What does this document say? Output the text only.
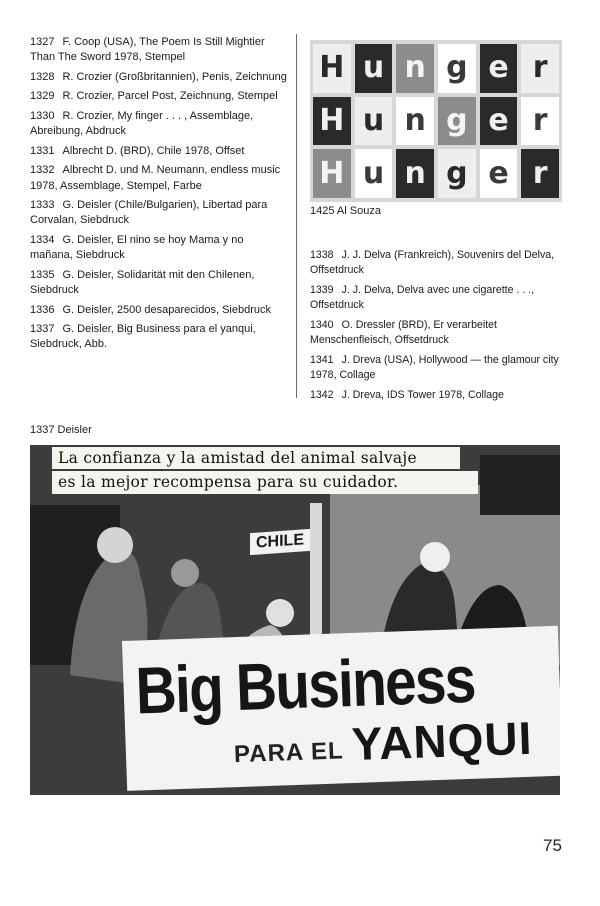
1327 F. Coop (USA), The Poem Is Still Mightier Than The Sword 1978, Stempel
1328 R. Crozier (Großbritannien), Penis, Zeichnung
1329 R. Crozier, Parcel Post, Zeichnung, Stempel
1330 R. Crozier, My finger . . . , Assemblage, Abreibung, Abdruck
1331 Albrecht D. (BRD), Chile 1978, Offset
1332 Albrecht D. und M. Neumann, endless music 1978, Assemblage, Stempel, Farbe
1333 G. Deisler (Chile/Bulgarien), Libertad para Corvalan, Siebdruck
1334 G. Deisler, El nino se hoy Mama y no mañana, Siebdruck
1335 G. Deisler, Solidarität mit den Chilenen, Siebdruck
1336 G. Deisler, 2500 desaparecidos, Siebdruck
1337 G. Deisler, Big Business para el yanqui, Siebdruck, Abb.
H u n g e r
H u n g e r
H u n g e r
1425 Al Souza
1338 J. J. Delva (Frankreich), Souvenirs del Delva, Offsetdruck
1339 J. J. Delva, Delva avec une cigarette . . ., Offsetdruck
1340 O. Dressler (BRD), Er verarbeitet Menschenfleisch, Offsetdruck
1341 J. Dreva (USA), Hollywood — the glamour city 1978, Collage
1342 J. Dreva, IDS Tower 1978, Collage
1337 Deisler
La confianza y la amistad del animal salvaje
es la mejor recompensa para su cuidador.
CHILE
Big Business
PARA EL YANQUI
75
